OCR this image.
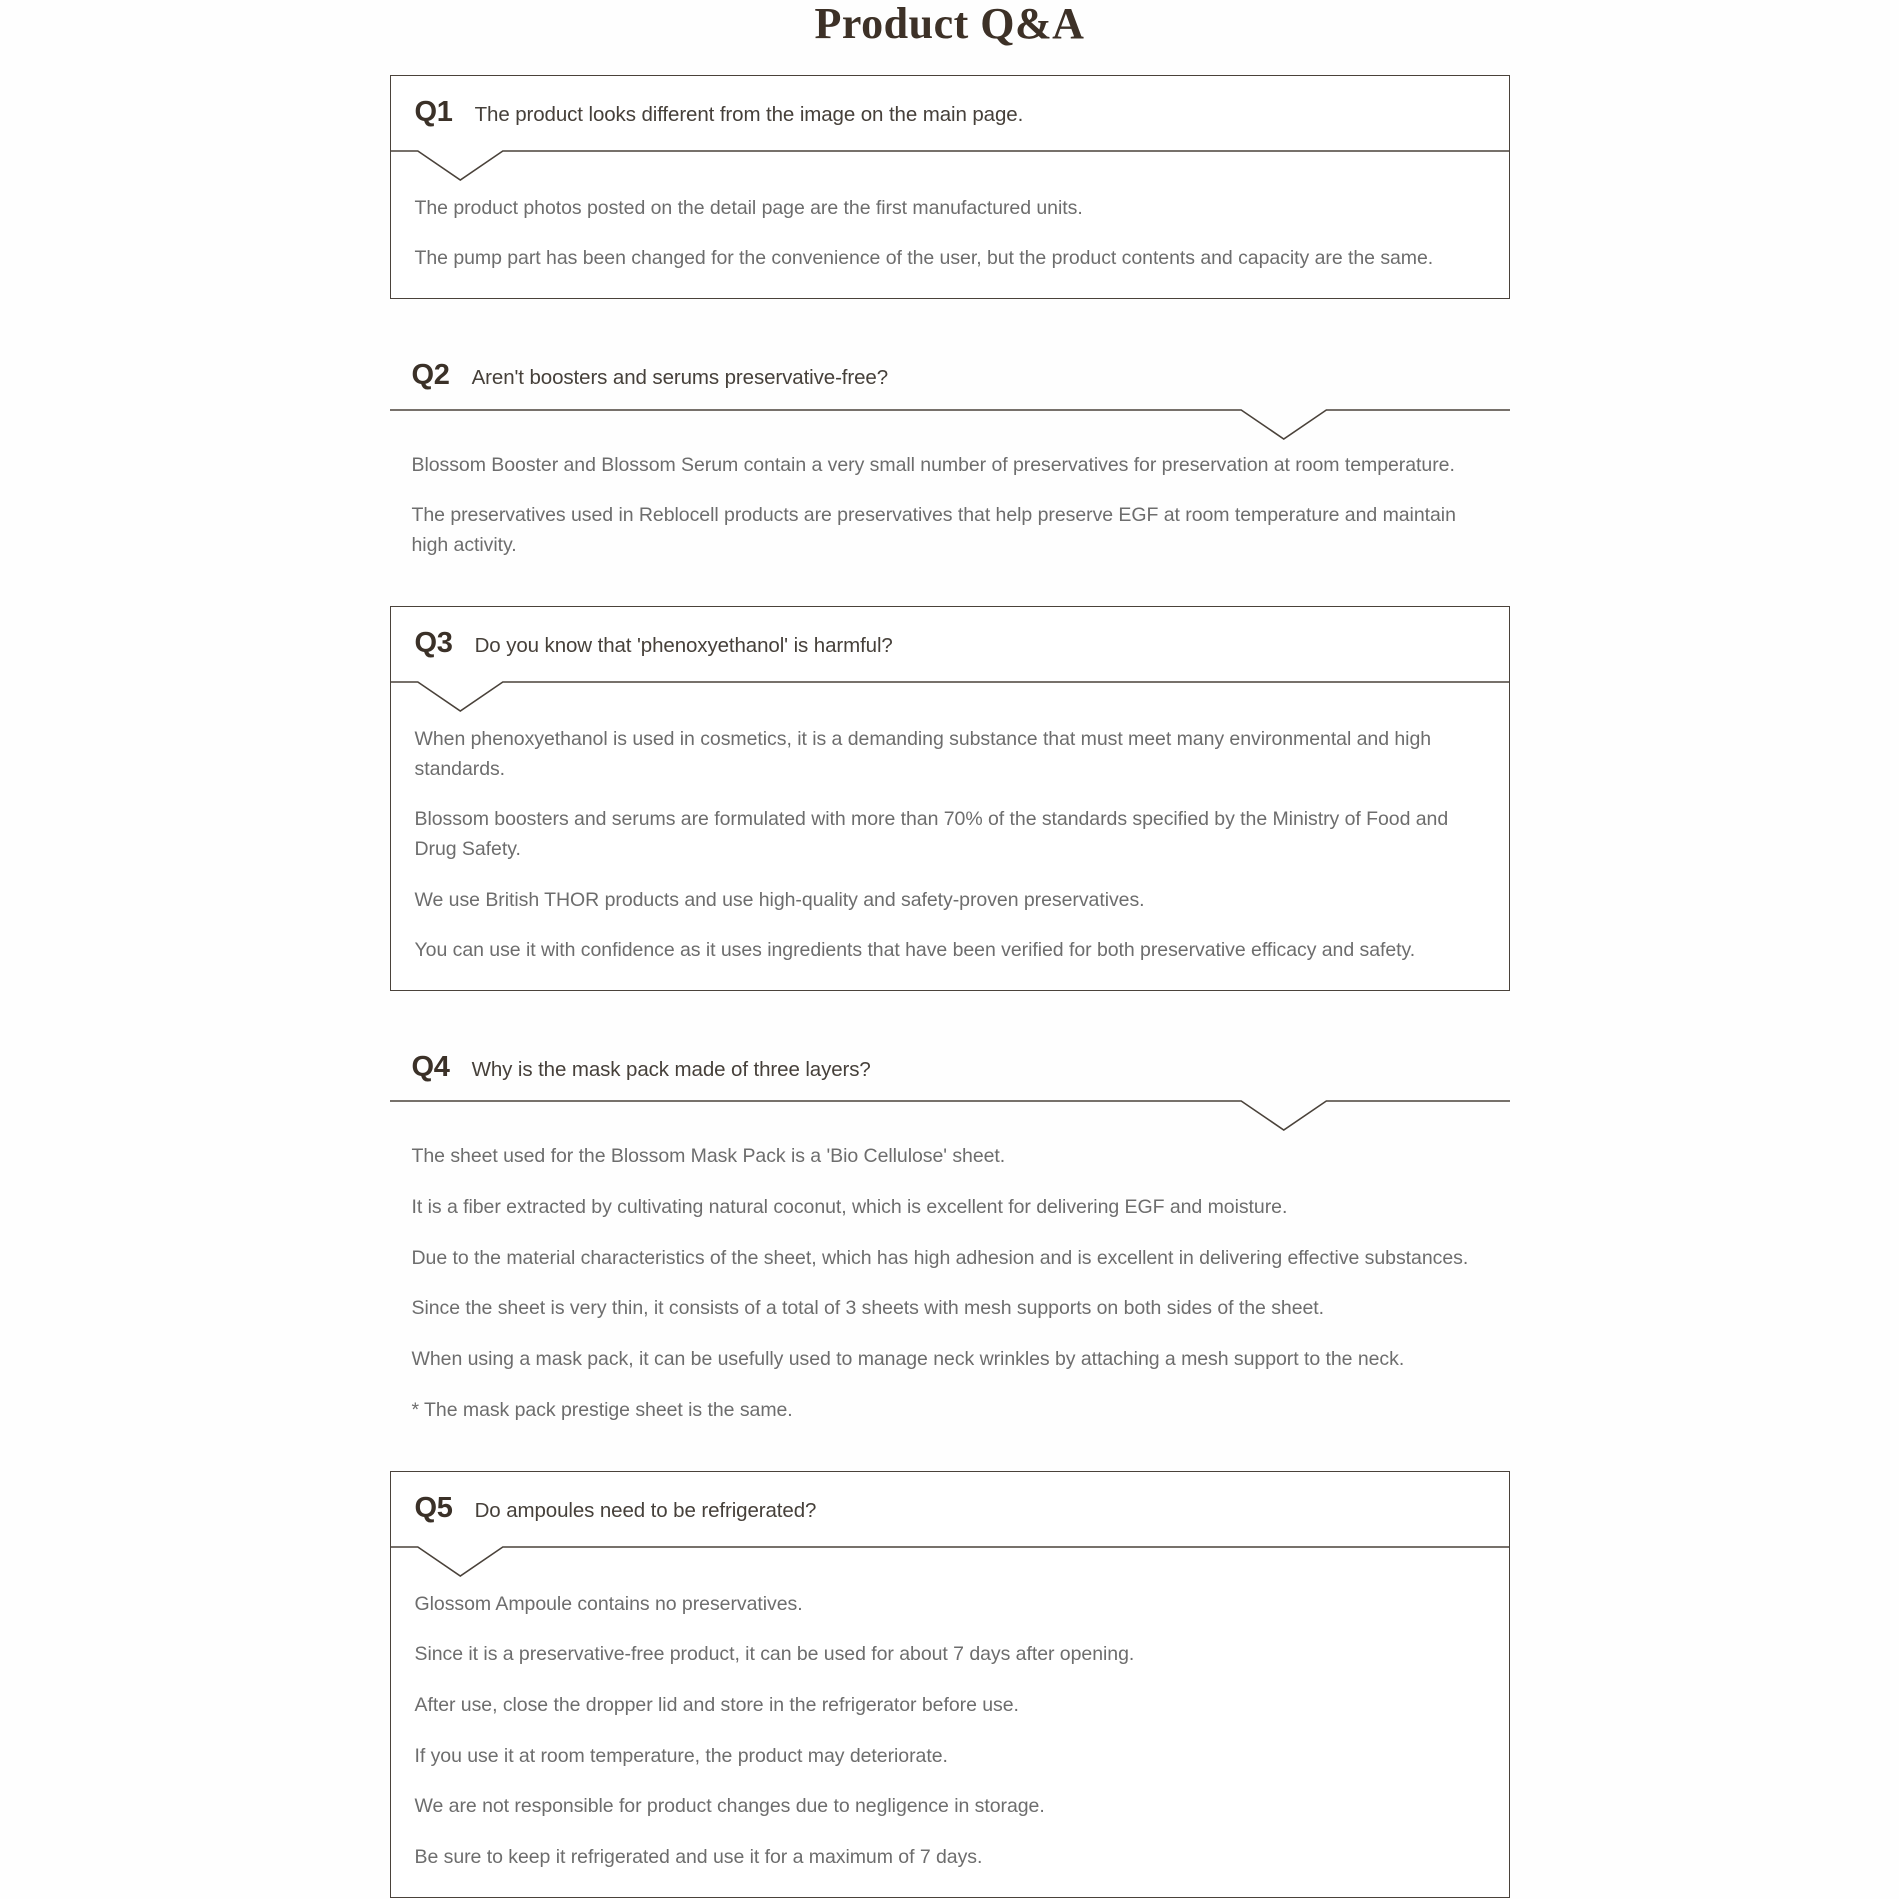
Product Q&A
Q1 The product looks different from the image on the main page.

The product photos posted on the detail page are the first manufactured units.

The pump part has been changed for the convenience of the user, but the product contents and capacity are the same.

Q2 Aren't boosters and serums preservative-free?

Blossom Booster and Blossom Serum contain a very small number of preservatives for preservation at room temperature.

The preservatives used in Reblocell products are preservatives that help preserve EGF at room temperature and maintain high activity.

Q3 Do you know that 'phenoxyethanol' is harmful?

When phenoxyethanol is used in cosmetics, it is a demanding substance that must meet many environmental and high standards.

Blossom boosters and serums are formulated with more than 70% of the standards specified by the Ministry of Food and Drug Safety.

We use British THOR products and use high-quality and safety-proven preservatives.

You can use it with confidence as it uses ingredients that have been verified for both preservative efficacy and safety.

Q4 Why is the mask pack made of three layers?

The sheet used for the Blossom Mask Pack is a 'Bio Cellulose' sheet.

It is a fiber extracted by cultivating natural coconut, which is excellent for delivering EGF and moisture.

Due to the material characteristics of the sheet, which has high adhesion and is excellent in delivering effective substances.

Since the sheet is very thin, it consists of a total of 3 sheets with mesh supports on both sides of the sheet.

When using a mask pack, it can be usefully used to manage neck wrinkles by attaching a mesh support to the neck.

* The mask pack prestige sheet is the same.

Q5 Do ampoules need to be refrigerated?

Glossom Ampoule contains no preservatives.

Since it is a preservative-free product, it can be used for about 7 days after opening.

After use, close the dropper lid and store in the refrigerator before use.

If you use it at room temperature, the product may deteriorate.

We are not responsible for product changes due to negligence in storage.

Be sure to keep it refrigerated and use it for a maximum of 7 days.
